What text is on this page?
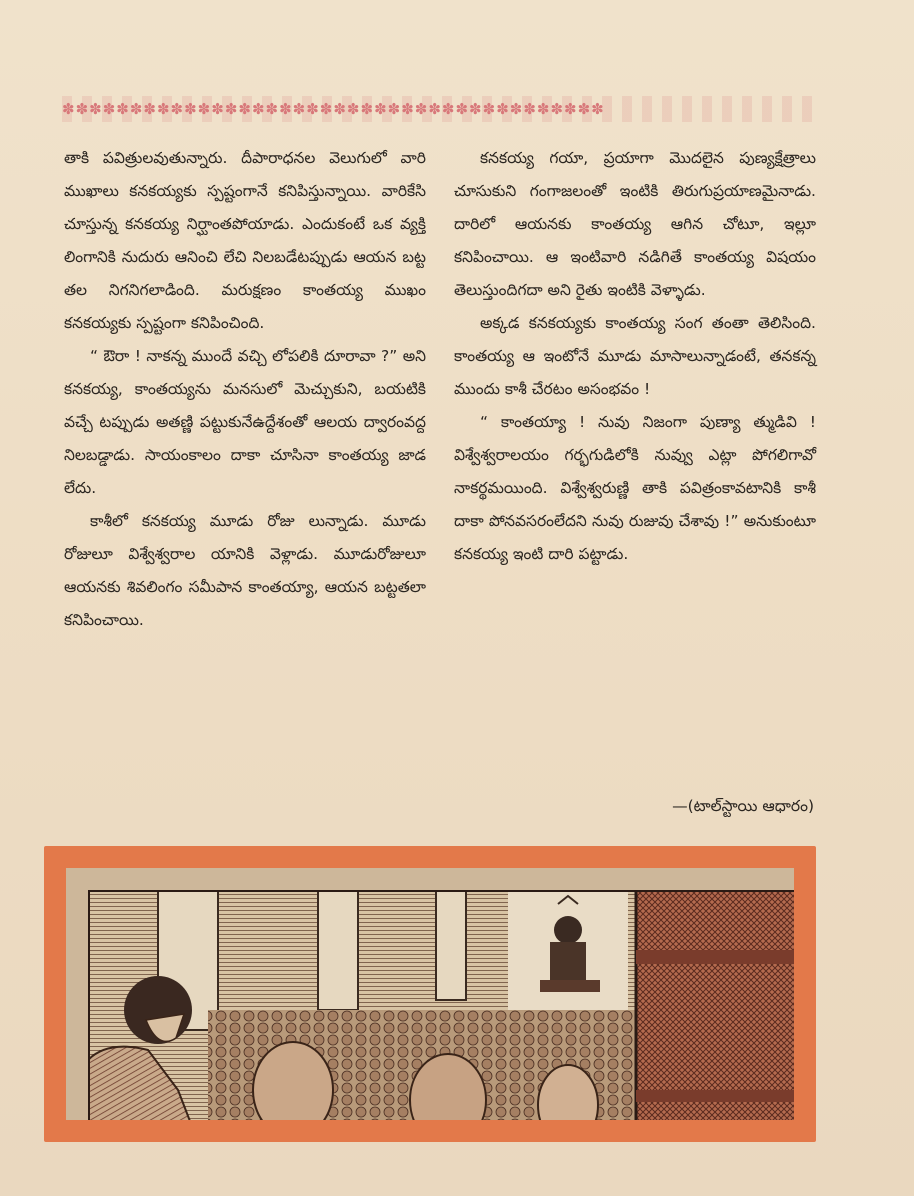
✽✽✽✽✽✽✽✽✽✽✽✽✽✽✽✽✽✽✽✽✽✽✽✽✽✽✽✽✽✽✽✽✽✽✽✽✽✽✽✽

తాకి పవిత్రులవుతున్నారు. దీపారాధనల వెలుగులో వారి ముఖాలు కనకయ్యకు స్పష్టంగానే కనిపిస్తున్నాయి. వారికేసి చూస్తున్న కనకయ్య నిర్ఘాంతపోయాడు. ఎందుకంటే ఒక వ్యక్తి లింగానికి నుదురు ఆనించి లేచి నిలబడేటప్పుడు ఆయన బట్ట తల నిగనిగలాడింది. మరుక్షణం కాంతయ్య ముఖం కనకయ్యకు స్పష్టంగా కనిపించింది.

“ ఔరా ! నాకన్న ముందే వచ్చి లోపలికి దూరావా ?” అని కనకయ్య, కాంతయ్యను మనసులో మెచ్చుకుని, బయటికి వచ్చే టప్పుడు అతణ్ణి పట్టుకునేఉద్దేశంతో ఆలయ ద్వారంవద్ద నిలబడ్డాడు. సాయంకాలం దాకా చూసినా కాంతయ్య జాడ లేదు.

కాశీలో కనకయ్య మూడు రోజు లున్నాడు. మూడు రోజులూ విశ్వేశ్వరాల యానికి వెళ్లాడు. మూడురోజులూ ఆయనకు శివలింగం సమీపాన కాంతయ్యా, ఆయన బట్టతలా కనిపించాయి.

కనకయ్య గయా, ప్రయాగా మొదలైన పుణ్యక్షేత్రాలు చూసుకుని గంగాజలంతో ఇంటికి తిరుగుప్రయాణమైనాడు. దారిలో ఆయనకు కాంతయ్య ఆగిన చోటూ, ఇల్లూ కనిపించాయి. ఆ ఇంటివారి నడిగితే కాంతయ్య విషయం తెలుస్తుందిగదా అని రైతు ఇంటికి వెళ్ళాడు.

అక్కడ కనకయ్యకు కాంతయ్య సంగ తంతా తెలిసింది. కాంతయ్య ఆ ఇంటోనే మూడు మాసాలున్నాడంటే, తనకన్న ముందు కాశీ చేరటం అసంభవం !

“ కాంతయ్యా ! నువు నిజంగా పుణ్యా త్ముడివి ! విశ్వేశ్వరాలయం గర్భగుడిలోకి నువ్వు ఎట్లా పోగలిగావో నాకర్థమయింది. విశ్వేశ్వరుణ్ణి తాకి పవిత్రంకావటానికి కాశీ దాకా పోనవసరంలేదని నువు రుజువు చేశావు !” అనుకుంటూ కనకయ్య ఇంటి దారి పట్టాడు.

—(టాల్‌స్టాయి ఆధారం)
